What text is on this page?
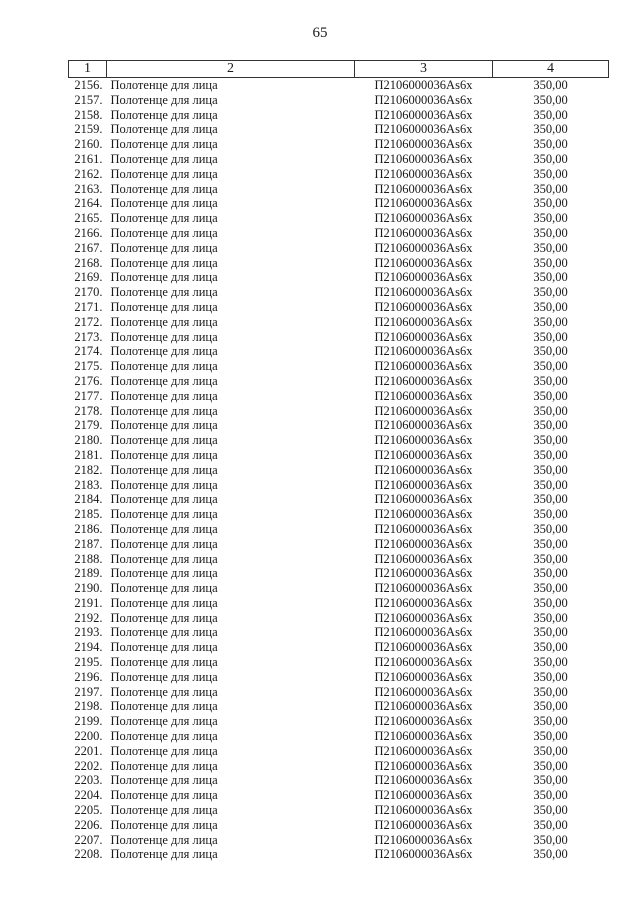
65
1	2	3	4
2156.	Полотенце для лица	П2106000036Аs6x	350,00
2157.	Полотенце для лица	П2106000036Аs6x	350,00
2158.	Полотенце для лица	П2106000036Аs6x	350,00
2159.	Полотенце для лица	П2106000036Аs6x	350,00
2160.	Полотенце для лица	П2106000036Аs6x	350,00
2161.	Полотенце для лица	П2106000036Аs6x	350,00
2162.	Полотенце для лица	П2106000036Аs6x	350,00
2163.	Полотенце для лица	П2106000036Аs6x	350,00
2164.	Полотенце для лица	П2106000036Аs6x	350,00
2165.	Полотенце для лица	П2106000036Аs6x	350,00
2166.	Полотенце для лица	П2106000036Аs6x	350,00
2167.	Полотенце для лица	П2106000036Аs6x	350,00
2168.	Полотенце для лица	П2106000036Аs6x	350,00
2169.	Полотенце для лица	П2106000036Аs6x	350,00
2170.	Полотенце для лица	П2106000036Аs6x	350,00
2171.	Полотенце для лица	П2106000036Аs6x	350,00
2172.	Полотенце для лица	П2106000036Аs6x	350,00
2173.	Полотенце для лица	П2106000036Аs6x	350,00
2174.	Полотенце для лица	П2106000036Аs6x	350,00
2175.	Полотенце для лица	П2106000036Аs6x	350,00
2176.	Полотенце для лица	П2106000036Аs6x	350,00
2177.	Полотенце для лица	П2106000036Аs6x	350,00
2178.	Полотенце для лица	П2106000036Аs6x	350,00
2179.	Полотенце для лица	П2106000036Аs6x	350,00
2180.	Полотенце для лица	П2106000036Аs6x	350,00
2181.	Полотенце для лица	П2106000036Аs6x	350,00
2182.	Полотенце для лица	П2106000036Аs6x	350,00
2183.	Полотенце для лица	П2106000036Аs6x	350,00
2184.	Полотенце для лица	П2106000036Аs6x	350,00
2185.	Полотенце для лица	П2106000036Аs6x	350,00
2186.	Полотенце для лица	П2106000036Аs6x	350,00
2187.	Полотенце для лица	П2106000036Аs6x	350,00
2188.	Полотенце для лица	П2106000036Аs6x	350,00
2189.	Полотенце для лица	П2106000036Аs6x	350,00
2190.	Полотенце для лица	П2106000036Аs6x	350,00
2191.	Полотенце для лица	П2106000036Аs6x	350,00
2192.	Полотенце для лица	П2106000036Аs6x	350,00
2193.	Полотенце для лица	П2106000036Аs6x	350,00
2194.	Полотенце для лица	П2106000036Аs6x	350,00
2195.	Полотенце для лица	П2106000036Аs6x	350,00
2196.	Полотенце для лица	П2106000036Аs6x	350,00
2197.	Полотенце для лица	П2106000036Аs6x	350,00
2198.	Полотенце для лица	П2106000036Аs6x	350,00
2199.	Полотенце для лица	П2106000036Аs6x	350,00
2200.	Полотенце для лица	П2106000036Аs6x	350,00
2201.	Полотенце для лица	П2106000036Аs6x	350,00
2202.	Полотенце для лица	П2106000036Аs6x	350,00
2203.	Полотенце для лица	П2106000036Аs6x	350,00
2204.	Полотенце для лица	П2106000036Аs6x	350,00
2205.	Полотенце для лица	П2106000036Аs6x	350,00
2206.	Полотенце для лица	П2106000036Аs6x	350,00
2207.	Полотенце для лица	П2106000036Аs6x	350,00
2208.	Полотенце для лица	П2106000036Аs6x	350,00
